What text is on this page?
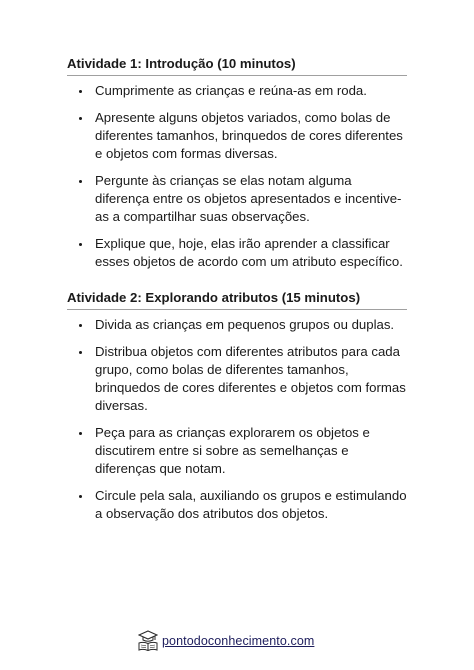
Atividade 1: Introdução (10 minutos)
Cumprimente as crianças e reúna-as em roda.
Apresente alguns objetos variados, como bolas de diferentes tamanhos, brinquedos de cores diferentes e objetos com formas diversas.
Pergunte às crianças se elas notam alguma diferença entre os objetos apresentados e incentive-as a compartilhar suas observações.
Explique que, hoje, elas irão aprender a classificar esses objetos de acordo com um atributo específico.
Atividade 2: Explorando atributos (15 minutos)
Divida as crianças em pequenos grupos ou duplas.
Distribua objetos com diferentes atributos para cada grupo, como bolas de diferentes tamanhos, brinquedos de cores diferentes e objetos com formas diversas.
Peça para as crianças explorarem os objetos e discutirem entre si sobre as semelhanças e diferenças que notam.
Circule pela sala, auxiliando os grupos e estimulando a observação dos atributos dos objetos.
pontodoconhecimento.com
